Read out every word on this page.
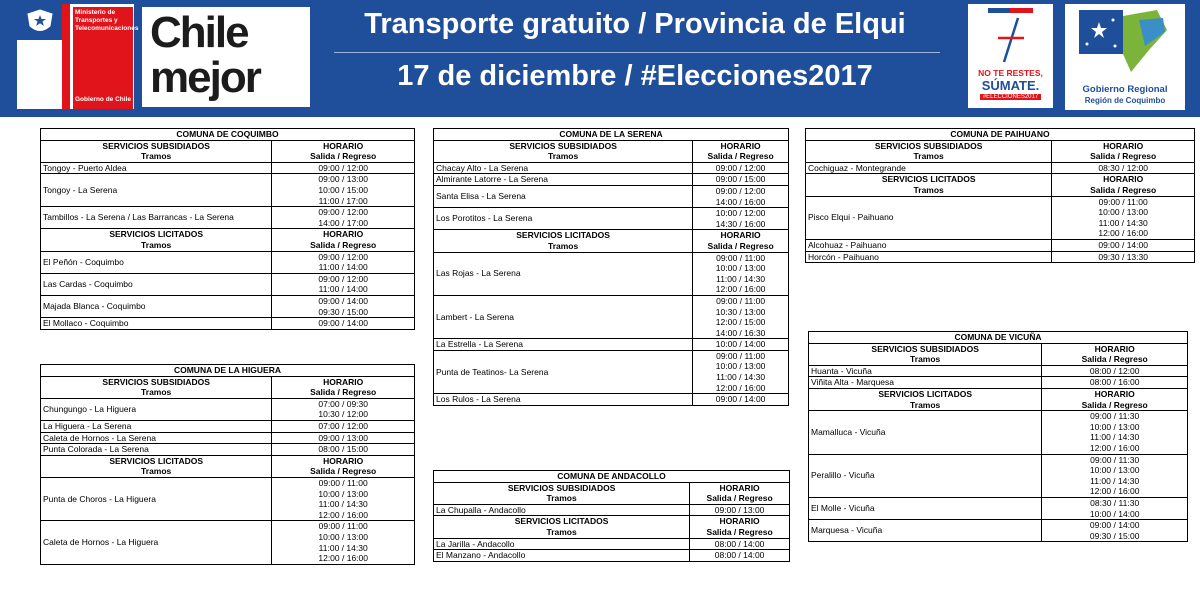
Ministerio de Transportes y Telecomunicaciones
Gobierno de Chile
Chile
mejor
Transporte gratuito / Provincia de Elqui
17 de diciembre / #Elecciones2017	NO TE RESTES,
SÚMATE.
#ELECCIONES2017
Gobierno Regional
Región de Coquimbo
COMUNA DE COQUIMBO	

SERVICIOS SUBSIDIADOS
Tramos	HORARIO
Salida / Regreso

Tongoy - Puerto Aldea	09:00 / 12:00

Tongoy - La Serena	09:00 / 13:00
10:00 / 15:00
11:00 / 17:00

Tambillos - La Serena / Las Barrancas - La Serena	09:00 / 12:00
14:00 / 17:00

SERVICIOS LICITADOS
Tramos	HORARIO
Salida / Regreso

El Peñón - Coquimbo	09:00 / 12:00
11:00 / 14:00

Las Cardas - Coquimbo	09:00 / 12:00
11:00 / 14:00

Majada Blanca - Coquimbo	09:00 / 14:00
09:30 / 15:00

El Mollaco - Coquimbo	09:00 / 14:00
COMUNA DE LA HIGUERA	

SERVICIOS SUBSIDIADOS
Tramos	HORARIO
Salida / Regreso

Chungungo - La Higuera	07:00 / 09:30
10:30 / 12:00

La Higuera - La Serena	07:00 / 12:00

Caleta de Hornos - La Serena	09:00 / 13:00

Punta Colorada - La Serena	08:00 / 15:00

SERVICIOS LICITADOS
Tramos	HORARIO
Salida / Regreso

Punta de Choros - La Higuera	09:00 / 11:00
10:00 / 13:00
11:00 / 14:30
12:00 / 16:00

Caleta de Hornos - La Higuera	09:00 / 11:00
10:00 / 13:00
11:00 / 14:30
12:00 / 16:00
COMUNA DE LA SERENA	

SERVICIOS SUBSIDIADOS
Tramos	HORARIO
Salida / Regreso

Chacay Alto - La Serena	09:00 / 12:00

Almirante Latorre - La Serena	09:00 / 15:00

Santa Elisa - La Serena	09:00 / 12:00
14:00 / 16:00

Los Porotitos - La Serena	10:00 / 12:00
14:30 / 16:00

SERVICIOS LICITADOS
Tramos	HORARIO
Salida / Regreso

Las Rojas - La Serena	09:00 / 11:00
10:00 / 13:00
11:00 / 14:30
12:00 / 16:00

Lambert - La Serena	09:00 / 11:00
10:30 / 13:00
12:00 / 15:00
14:00 / 16:30

La Estrella - La Serena	10:00 / 14:00

Punta de Teatinos- La Serena	09:00 / 11:00
10:00 / 13:00
11:00 / 14:30
12:00 / 16:00

Los Rulos - La Serena	09:00 / 14:00
COMUNA DE ANDACOLLO	

SERVICIOS SUBSIDIADOS
Tramos	HORARIO
Salida / Regreso

La Chupalla - Andacollo	09:00 / 13:00

SERVICIOS LICITADOS
Tramos	HORARIO
Salida / Regreso

La Jarilla - Andacollo	08:00 / 14:00

El Manzano - Andacollo	08:00 / 14:00
COMUNA DE PAIHUANO	

SERVICIOS SUBSIDIADOS
Tramos	HORARIO
Salida / Regreso

Cochiguaz - Montegrande	08:30 / 12:00

SERVICIOS LICITADOS
Tramos	HORARIO
Salida / Regreso

Pisco Elqui - Paihuano	09:00 / 11:00
10:00 / 13:00
11:00 / 14:30
12:00 / 16:00

Alcohuaz - Paihuano	09:00 / 14:00

Horcón - Paihuano	09:30 / 13:30
COMUNA DE VICUÑA	

SERVICIOS SUBSIDIADOS
Tramos	HORARIO
Salida / Regreso

Huanta - Vicuña	08:00 / 12:00

Viñita Alta - Marquesa	08:00 / 16:00

SERVICIOS LICITADOS
Tramos	HORARIO
Salida / Regreso

Mamalluca - Vicuña	09:00 / 11:30
10:00 / 13:00
11:00 / 14:30
12:00 / 16:00

Peralillo - Vicuña	09:00 / 11:30
10:00 / 13:00
11:00 / 14:30
12:00 / 16:00

El Molle - Vicuña	08:30 / 11:30
10:00 / 14:00

Marquesa - Vicuña	09:00 / 14:00
09:30 / 15:00
